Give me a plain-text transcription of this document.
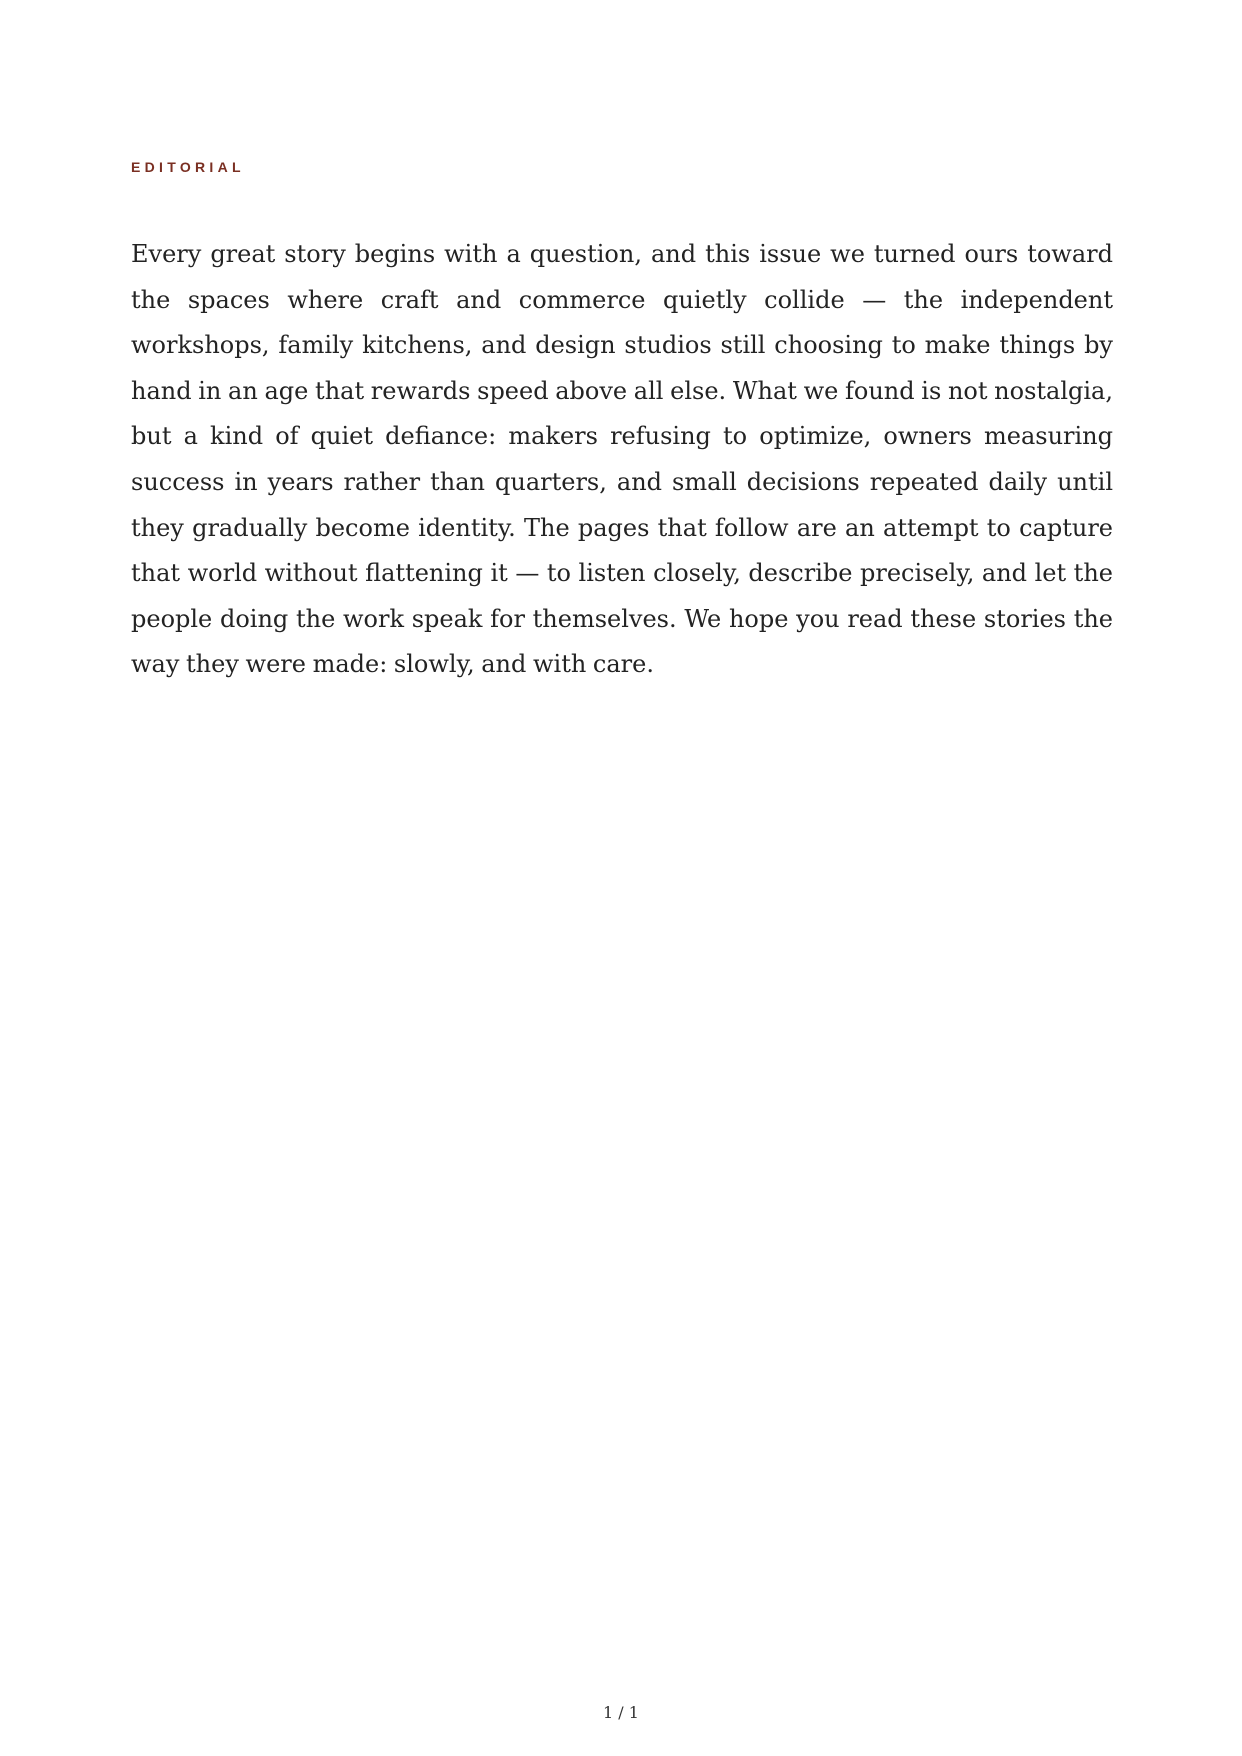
EDITORIAL

Every great story begins with a question, and this issue we turned ours toward the spaces where craft and commerce quietly collide — the independent workshops, family kitchens, and design studios still choosing to make things by hand in an age that rewards speed above all else. What we found is not nostalgia, but a kind of quiet defiance: makers refusing to optimize, owners measuring success in years rather than quarters, and small decisions repeated daily until they gradually become identity. The pages that follow are an attempt to capture that world without flattening it — to listen closely, describe precisely, and let the people doing the work speak for themselves. We hope you read these stories the way they were made: slowly, and with care.

1 / 1
